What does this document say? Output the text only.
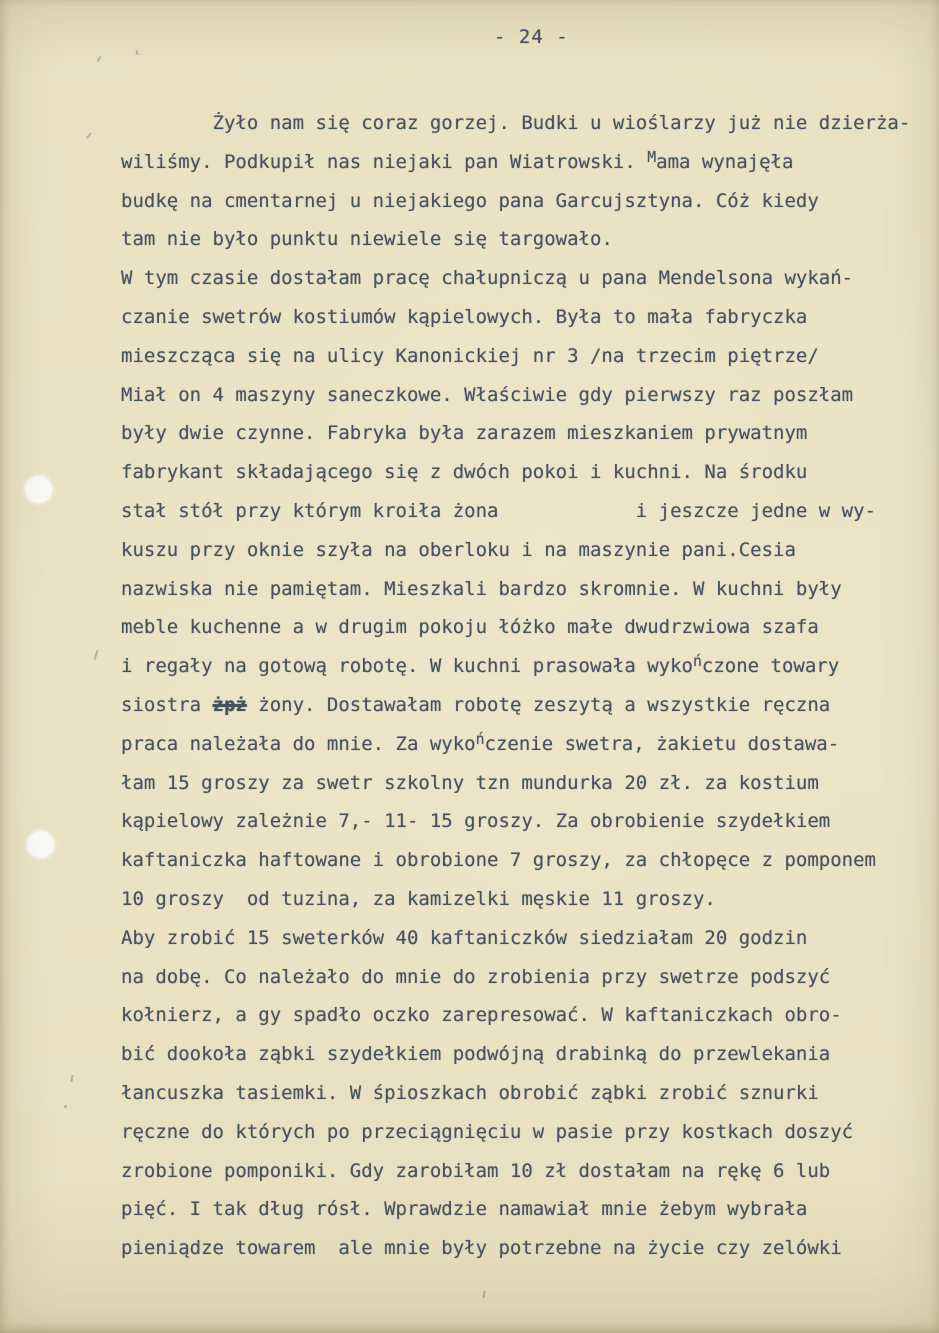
- 24 -
Żyło nam się coraz gorzej. Budki u wioślarzy już nie dzierża-
wiliśmy. Podkupił nas niejaki pan Wiatrowski. $^M$ama wynajęła
budkę na cmentarnej u niejakiego pana Garcujsztyna. Cóż kiedy
tam nie było punktu niewiele się targowało.
W tym czasie dostałam pracę chałupniczą u pana Mendelsona wykań-
czanie swetrów kostiumów kąpielowych. Była to mała fabryczka
mieszcząca się na ulicy Kanonickiej nr 3 /na trzecim piętrze/
Miał on 4 maszyny saneczkowe. Właściwie gdy pierwszy raz poszłam
były dwie czynne. Fabryka była zarazem mieszkaniem prywatnym
fabrykant składającego się z dwóch pokoi i kuchni. Na środku
stał stół przy którym kroiła żona            i jeszcze jedne w wy-
kuszu przy oknie szyła na oberloku i na maszynie pani.Cesia
nazwiska nie pamiętam. Mieszkali bardzo skromnie. W kuchni były
meble kuchenne a w drugim pokoju łóżko małe dwudrzwiowa szafa
i regały na gotową robotę. W kuchni prasowała wyko$^ń$czone towary
siostra żpż żony. Dostawałam robotę zeszytą a wszystkie ręczna
praca należała do mnie. Za wyko$^ń$czenie swetra, żakietu dostawa-
łam 15 groszy za swetr szkolny tzn mundurka 20 zł. za kostium
kąpielowy zależnie 7,- 11- 15 groszy. Za obrobienie szydełkiem
kaftaniczka haftowane i obrobione 7 groszy, za chłopęce z pomponem
10 groszy  od tuzina, za kamizelki męskie 11 groszy.
Aby zrobić 15 sweterków 40 kaftaniczków siedziałam 20 godzin
na dobę. Co należało do mnie do zrobienia przy swetrze podszyć
kołnierz, a gy spadło oczko zarepresować. W kaftaniczkach obro-
bić dookoła ząbki szydełkiem podwójną drabinką do przewlekania
łancuszka tasiemki. W śpioszkach obrobić ząbki zrobić sznurki
ręczne do których po przeciągnięciu w pasie przy kostkach doszyć
zrobione pomponiki. Gdy zarobiłam 10 zł dostałam na rękę 6 lub
pięć. I tak dług rósł. Wprawdzie namawiał mnie żebym wybrała
pieniądze towarem  ale mnie były potrzebne na życie czy zelówki
